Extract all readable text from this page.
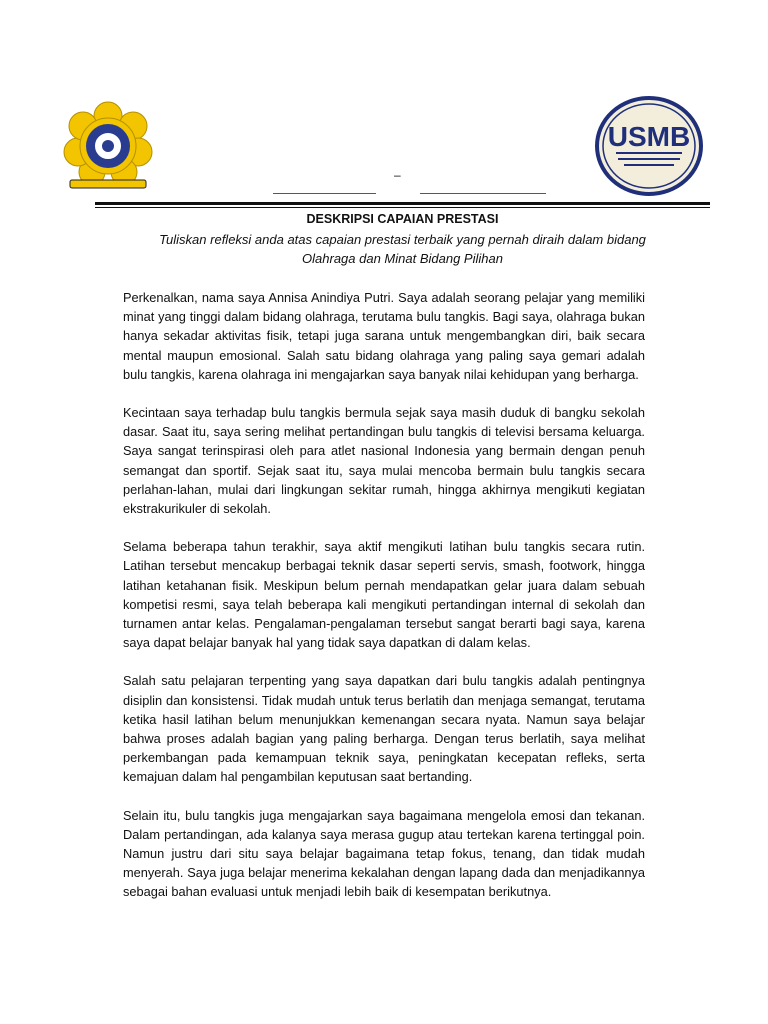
USMB
–
DESKRIPSI CAPAIAN PRESTASI
Tuliskan refleksi anda atas capaian prestasi terbaik yang pernah diraih dalam bidang
Olahraga dan Minat Bidang Pilihan

Perkenalkan, nama saya Annisa Anindiya Putri. Saya adalah seorang pelajar yang memiliki minat yang tinggi dalam bidang olahraga, terutama bulu tangkis. Bagi saya, olahraga bukan hanya sekadar aktivitas fisik, tetapi juga sarana untuk mengembangkan diri, baik secara mental maupun emosional. Salah satu bidang olahraga yang paling saya gemari adalah bulu tangkis, karena olahraga ini mengajarkan saya banyak nilai kehidupan yang berharga.

Kecintaan saya terhadap bulu tangkis bermula sejak saya masih duduk di bangku sekolah dasar. Saat itu, saya sering melihat pertandingan bulu tangkis di televisi bersama keluarga. Saya sangat terinspirasi oleh para atlet nasional Indonesia yang bermain dengan penuh semangat dan sportif. Sejak saat itu, saya mulai mencoba bermain bulu tangkis secara perlahan-lahan, mulai dari lingkungan sekitar rumah, hingga akhirnya mengikuti kegiatan ekstrakurikuler di sekolah.

Selama beberapa tahun terakhir, saya aktif mengikuti latihan bulu tangkis secara rutin. Latihan tersebut mencakup berbagai teknik dasar seperti servis, smash, footwork, hingga latihan ketahanan fisik. Meskipun belum pernah mendapatkan gelar juara dalam sebuah kompetisi resmi, saya telah beberapa kali mengikuti pertandingan internal di sekolah dan turnamen antar kelas. Pengalaman-pengalaman tersebut sangat berarti bagi saya, karena saya dapat belajar banyak hal yang tidak saya dapatkan di dalam kelas.

Salah satu pelajaran terpenting yang saya dapatkan dari bulu tangkis adalah pentingnya disiplin dan konsistensi. Tidak mudah untuk terus berlatih dan menjaga semangat, terutama ketika hasil latihan belum menunjukkan kemenangan secara nyata. Namun saya belajar bahwa proses adalah bagian yang paling berharga. Dengan terus berlatih, saya melihat perkembangan pada kemampuan teknik saya, peningkatan kecepatan refleks, serta kemajuan dalam hal pengambilan keputusan saat bertanding.

Selain itu, bulu tangkis juga mengajarkan saya bagaimana mengelola emosi dan tekanan. Dalam pertandingan, ada kalanya saya merasa gugup atau tertekan karena tertinggal poin. Namun justru dari situ saya belajar bagaimana tetap fokus, tenang, dan tidak mudah menyerah. Saya juga belajar menerima kekalahan dengan lapang dada dan menjadikannya sebagai bahan evaluasi untuk menjadi lebih baik di kesempatan berikutnya.
